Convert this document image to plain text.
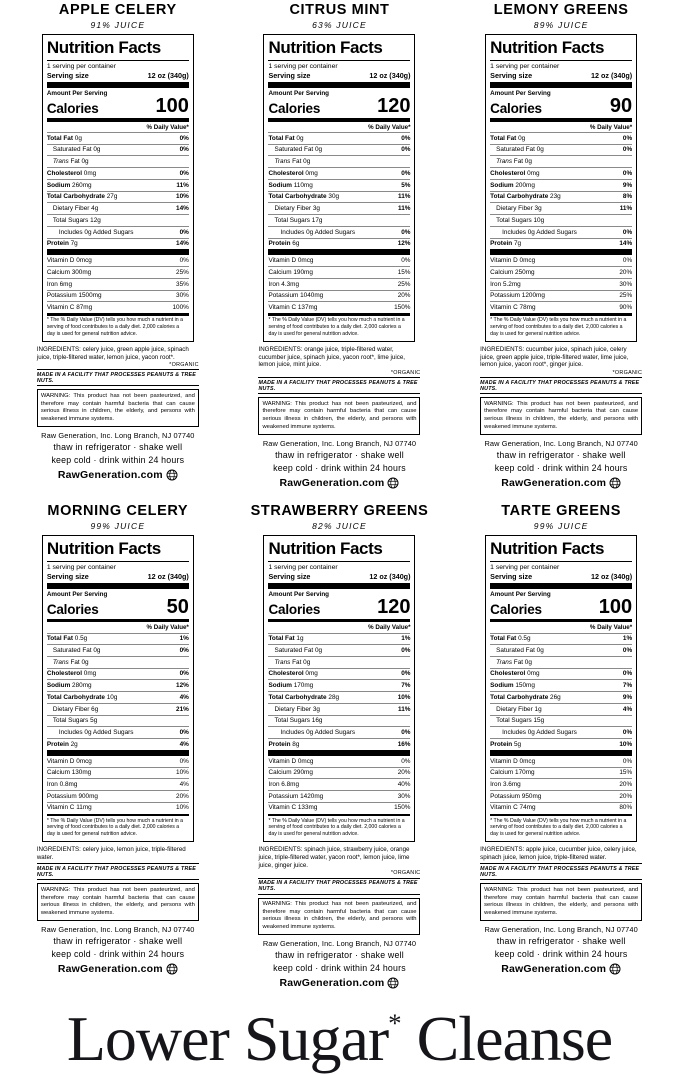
APPLE CELERY
91% JUICE
Nutrition Facts
1 serving per container
Serving size	12 oz (340g)
Amount Per Serving
Calories	100
% Daily Value*
Total Fat 0g	0%
Saturated Fat 0g	0%
Trans Fat 0g
Cholesterol 0mg	0%
Sodium 260mg	11%
Total Carbohydrate 27g	10%
Dietary Fiber 4g	14%
Total Sugars 12g
Includes 0g Added Sugars	0%
Protein 7g	14%
Vitamin D 0mcg	0%
Calcium 300mg	25%
Iron 6mg	35%
Potassium 1500mg	30%
Vitamin C 87mg	100%
* The % Daily Value (DV) tells you how much a nutrient in a serving of food contributes to a daily diet. 2,000 calories a day is used for general nutrition advice.
INGREDIENTS: celery juice, green apple juice, spinach juice, triple-filtered water, lemon juice, yacon root*.
*ORGANIC
MADE IN A FACILITY THAT PROCESSES PEANUTS & TREE NUTS.
WARNING: This product has not been pasteurized, and therefore may contain harmful bacteria that can cause serious illness in children, the elderly, and persons with weakened immune systems.
Raw Generation, Inc. Long Branch, NJ 07740
thaw in refrigerator · shake well
keep cold · drink within 24 hours
RawGeneration.com
CITRUS MINT
63% JUICE
Nutrition Facts
1 serving per container
Serving size	12 oz (340g)
Amount Per Serving
Calories	120
% Daily Value*
Total Fat 0g	0%
Saturated Fat 0g	0%
Trans Fat 0g
Cholesterol 0mg	0%
Sodium 110mg	5%
Total Carbohydrate 30g	11%
Dietary Fiber 3g	11%
Total Sugars 17g
Includes 0g Added Sugars	0%
Protein 6g	12%
Vitamin D 0mcg	0%
Calcium 190mg	15%
Iron 4.3mg	25%
Potassium 1040mg	20%
Vitamin C 137mg	150%
* The % Daily Value (DV) tells you how much a nutrient in a serving of food contributes to a daily diet. 2,000 calories a day is used for general nutrition advice.
INGREDIENTS: orange juice, triple-filtered water, cucumber juice, spinach juice, yacon root*, lime juice, lemon juice, mint juice.
*ORGANIC
MADE IN A FACILITY THAT PROCESSES PEANUTS & TREE NUTS.
WARNING: This product has not been pasteurized, and therefore may contain harmful bacteria that can cause serious illness in children, the elderly, and persons with weakened immune systems.
Raw Generation, Inc. Long Branch, NJ 07740
thaw in refrigerator · shake well
keep cold · drink within 24 hours
RawGeneration.com
LEMONY GREENS
89% JUICE
Nutrition Facts
1 serving per container
Serving size	12 oz (340g)
Amount Per Serving
Calories	90
% Daily Value*
Total Fat 0g	0%
Saturated Fat 0g	0%
Trans Fat 0g
Cholesterol 0mg	0%
Sodium 200mg	9%
Total Carbohydrate 23g	8%
Dietary Fiber 3g	11%
Total Sugars 10g
Includes 0g Added Sugars	0%
Protein 7g	14%
Vitamin D 0mcg	0%
Calcium 250mg	20%
Iron 5.2mg	30%
Potassium 1200mg	25%
Vitamin C 78mg	90%
* The % Daily Value (DV) tells you how much a nutrient in a serving of food contributes to a daily diet. 2,000 calories a day is used for general nutrition advice.
INGREDIENTS: cucumber juice, spinach juice, celery juice, green apple juice, triple-filtered water, lime juice, lemon juice, yacon root*, ginger juice.
*ORGANIC
MADE IN A FACILITY THAT PROCESSES PEANUTS & TREE NUTS.
WARNING: This product has not been pasteurized, and therefore may contain harmful bacteria that can cause serious illness in children, the elderly, and persons with weakened immune systems.
Raw Generation, Inc. Long Branch, NJ 07740
thaw in refrigerator · shake well
keep cold · drink within 24 hours
RawGeneration.com
MORNING CELERY
99% JUICE
Nutrition Facts
1 serving per container
Serving size	12 oz (340g)
Amount Per Serving
Calories	50
% Daily Value*
Total Fat 0.5g	1%
Saturated Fat 0g	0%
Trans Fat 0g
Cholesterol 0mg	0%
Sodium 280mg	12%
Total Carbohydrate 10g	4%
Dietary Fiber 6g	21%
Total Sugars 5g
Includes 0g Added Sugars	0%
Protein 2g	4%
Vitamin D 0mcg	0%
Calcium 130mg	10%
Iron 0.8mg	4%
Potassium 900mg	20%
Vitamin C 11mg	10%
* The % Daily Value (DV) tells you how much a nutrient in a serving of food contributes to a daily diet. 2,000 calories a day is used for general nutrition advice.
INGREDIENTS: celery juice, lemon juice, triple-filtered water.
MADE IN A FACILITY THAT PROCESSES PEANUTS & TREE NUTS.
WARNING: This product has not been pasteurized, and therefore may contain harmful bacteria that can cause serious illness in children, the elderly, and persons with weakened immune systems.
Raw Generation, Inc. Long Branch, NJ 07740
thaw in refrigerator · shake well
keep cold · drink within 24 hours
RawGeneration.com
STRAWBERRY GREENS
82% JUICE
Nutrition Facts
1 serving per container
Serving size	12 oz (340g)
Amount Per Serving
Calories	120
% Daily Value*
Total Fat 1g	1%
Saturated Fat 0g	0%
Trans Fat 0g
Cholesterol 0mg	0%
Sodium 170mg	7%
Total Carbohydrate 28g	10%
Dietary Fiber 3g	11%
Total Sugars 16g
Includes 0g Added Sugars	0%
Protein 8g	16%
Vitamin D 0mcg	0%
Calcium 290mg	20%
Iron 6.8mg	40%
Potassium 1420mg	30%
Vitamin C 133mg	150%
* The % Daily Value (DV) tells you how much a nutrient in a serving of food contributes to a daily diet. 2,000 calories a day is used for general nutrition advice.
INGREDIENTS: spinach juice, strawberry juice, orange juice, triple-filtered water, yacon root*, lemon juice, lime juice, ginger juice.
*ORGANIC
MADE IN A FACILITY THAT PROCESSES PEANUTS & TREE NUTS.
WARNING: This product has not been pasteurized, and therefore may contain harmful bacteria that can cause serious illness in children, the elderly, and persons with weakened immune systems.
Raw Generation, Inc. Long Branch, NJ 07740
thaw in refrigerator · shake well
keep cold · drink within 24 hours
RawGeneration.com
TARTE GREENS
99% JUICE
Nutrition Facts
1 serving per container
Serving size	12 oz (340g)
Amount Per Serving
Calories	100
% Daily Value*
Total Fat 0.5g	1%
Saturated Fat 0g	0%
Trans Fat 0g
Cholesterol 0mg	0%
Sodium 150mg	7%
Total Carbohydrate 26g	9%
Dietary Fiber 1g	4%
Total Sugars 15g
Includes 0g Added Sugars	0%
Protein 5g	10%
Vitamin D 0mcg	0%
Calcium 170mg	15%
Iron 3.6mg	20%
Potassium 950mg	20%
Vitamin C 74mg	80%
* The % Daily Value (DV) tells you how much a nutrient in a serving of food contributes to a daily diet. 2,000 calories a day is used for general nutrition advice.
INGREDIENTS: apple juice, cucumber juice, celery juice, spinach juice, lemon juice, triple-filtered water.
MADE IN A FACILITY THAT PROCESSES PEANUTS & TREE NUTS.
WARNING: This product has not been pasteurized, and therefore may contain harmful bacteria that can cause serious illness in children, the elderly, and persons with weakened immune systems.
Raw Generation, Inc. Long Branch, NJ 07740
thaw in refrigerator · shake well
keep cold · drink within 24 hours
RawGeneration.com
Lower Sugar* Cleanse
